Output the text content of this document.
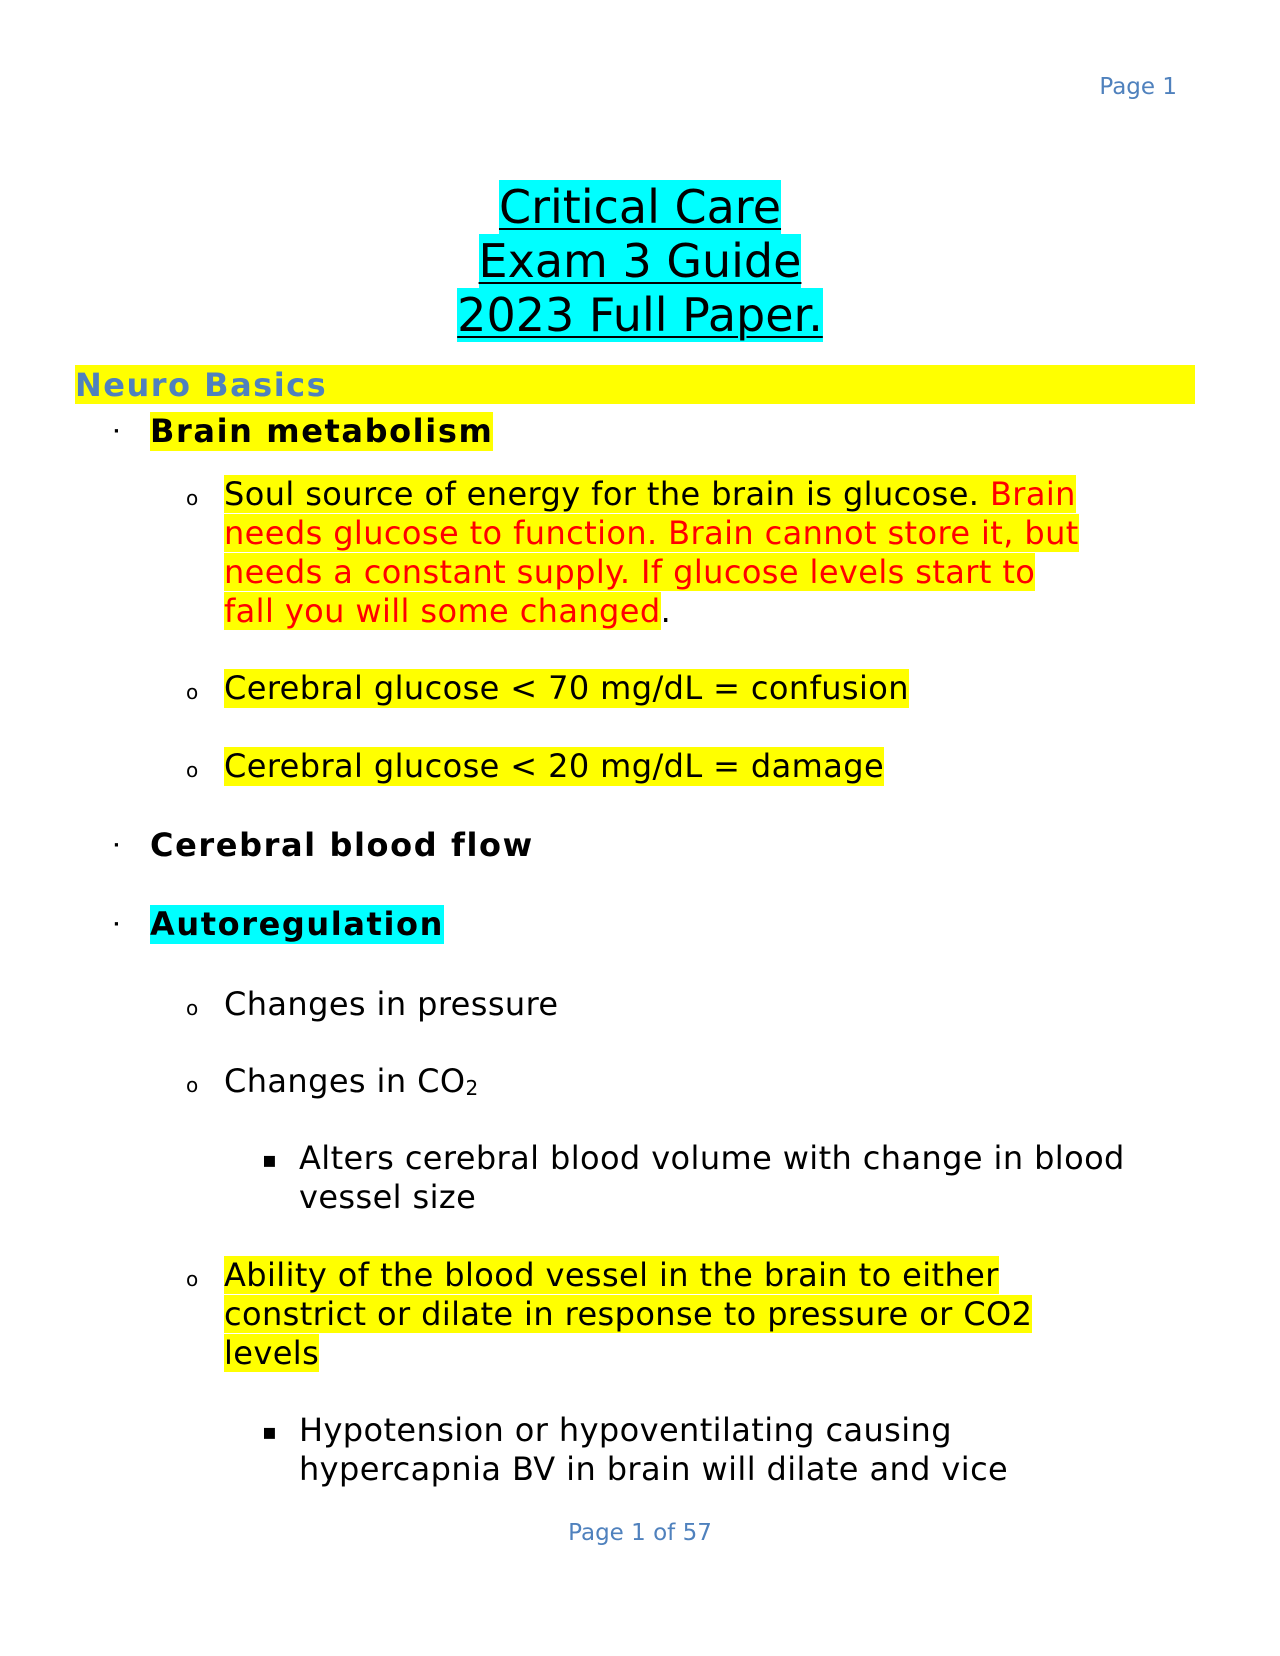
Page 1
Critical Care
Exam 3 Guide
2023 Full Paper.
Neuro Basics
· Brain metabolism
o Soul source of energy for the brain is glucose. Brain
needs glucose to function. Brain cannot store it, but
needs a constant supply. If glucose levels start to
fall you will some changed.
o Cerebral glucose < 70 mg/dL = confusion
o Cerebral glucose < 20 mg/dL = damage
· Cerebral blood flow
· Autoregulation
o Changes in pressure
o Changes in $CO_2$
▪ Alters cerebral blood volume with change in blood
vessel size
o Ability of the blood vessel in the brain to either
constrict or dilate in response to pressure or CO2
levels
▪ Hypotension or hypoventilating causing
hypercapnia BV in brain will dilate and vice
Page 1 of 57
